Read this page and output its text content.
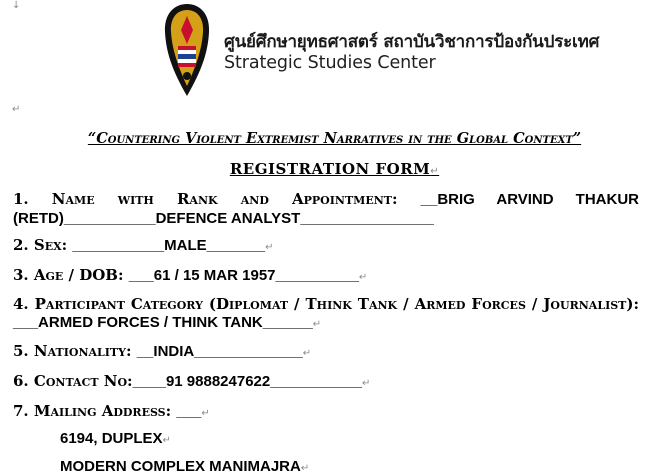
↓
↵
ศูนย์ศึกษายุทธศาสตร์ สถาบันวิชาการป้องกันประเทศ
Strategic Studies Center
“Countering Violent Extremist Narratives in the Global Context”
REGISTRATION FORM↵
1. Name with Rank and Appointment: __BRIG ARVIND THAKUR (RETD)___________DEFENCE ANALYST________________
2. Sex: ___________MALE_______↵
3. Age / DOB: ___61 / 15 MAR 1957__________↵
4. Participant Category (Diplomat / Think Tank / Armed Forces / Journalist): ___ARMED FORCES / THINK TANK______↵
5. Nationality: __INDIA_____________↵
6. Contact No:____91 9888247622___________↵
7. Mailing Address: ___↵
6194, DUPLEX↵
MODERN COMPLEX MANIMAJRA↵
